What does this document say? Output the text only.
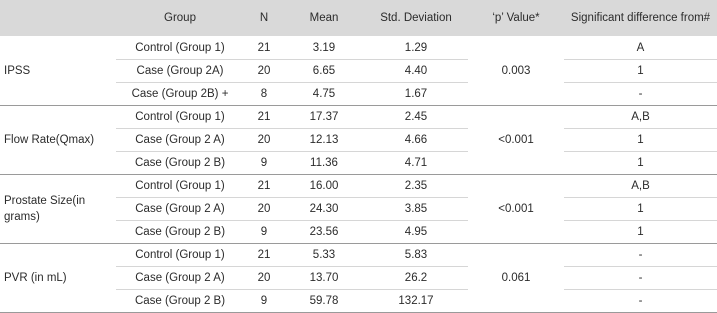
	Group	N	Mean	Std. Deviation	‘p’ Value*	Significant difference from#
IPSS	Control (Group 1)	21	3.19	1.29	0.003	A
	Case (Group 2A)	20	6.65	4.40		1
	Case (Group 2B) +	8	4.75	1.67		-
Flow Rate(Qmax)	Control (Group 1)	21	17.37	2.45	<0.001	A,B
	Case (Group 2 A)	20	12.13	4.66		1
	Case (Group 2 B)	9	11.36	4.71		1
Prostate Size(in grams)	Control (Group 1)	21	16.00	2.35	<0.001	A,B
	Case (Group 2 A)	20	24.30	3.85		1
	Case (Group 2 B)	9	23.56	4.95		1
PVR (in mL)	Control (Group 1)	21	5.33	5.83	0.061	-
	Case (Group 2 A)	20	13.70	26.2		-
	Case (Group 2 B)	9	59.78	132.17		-
